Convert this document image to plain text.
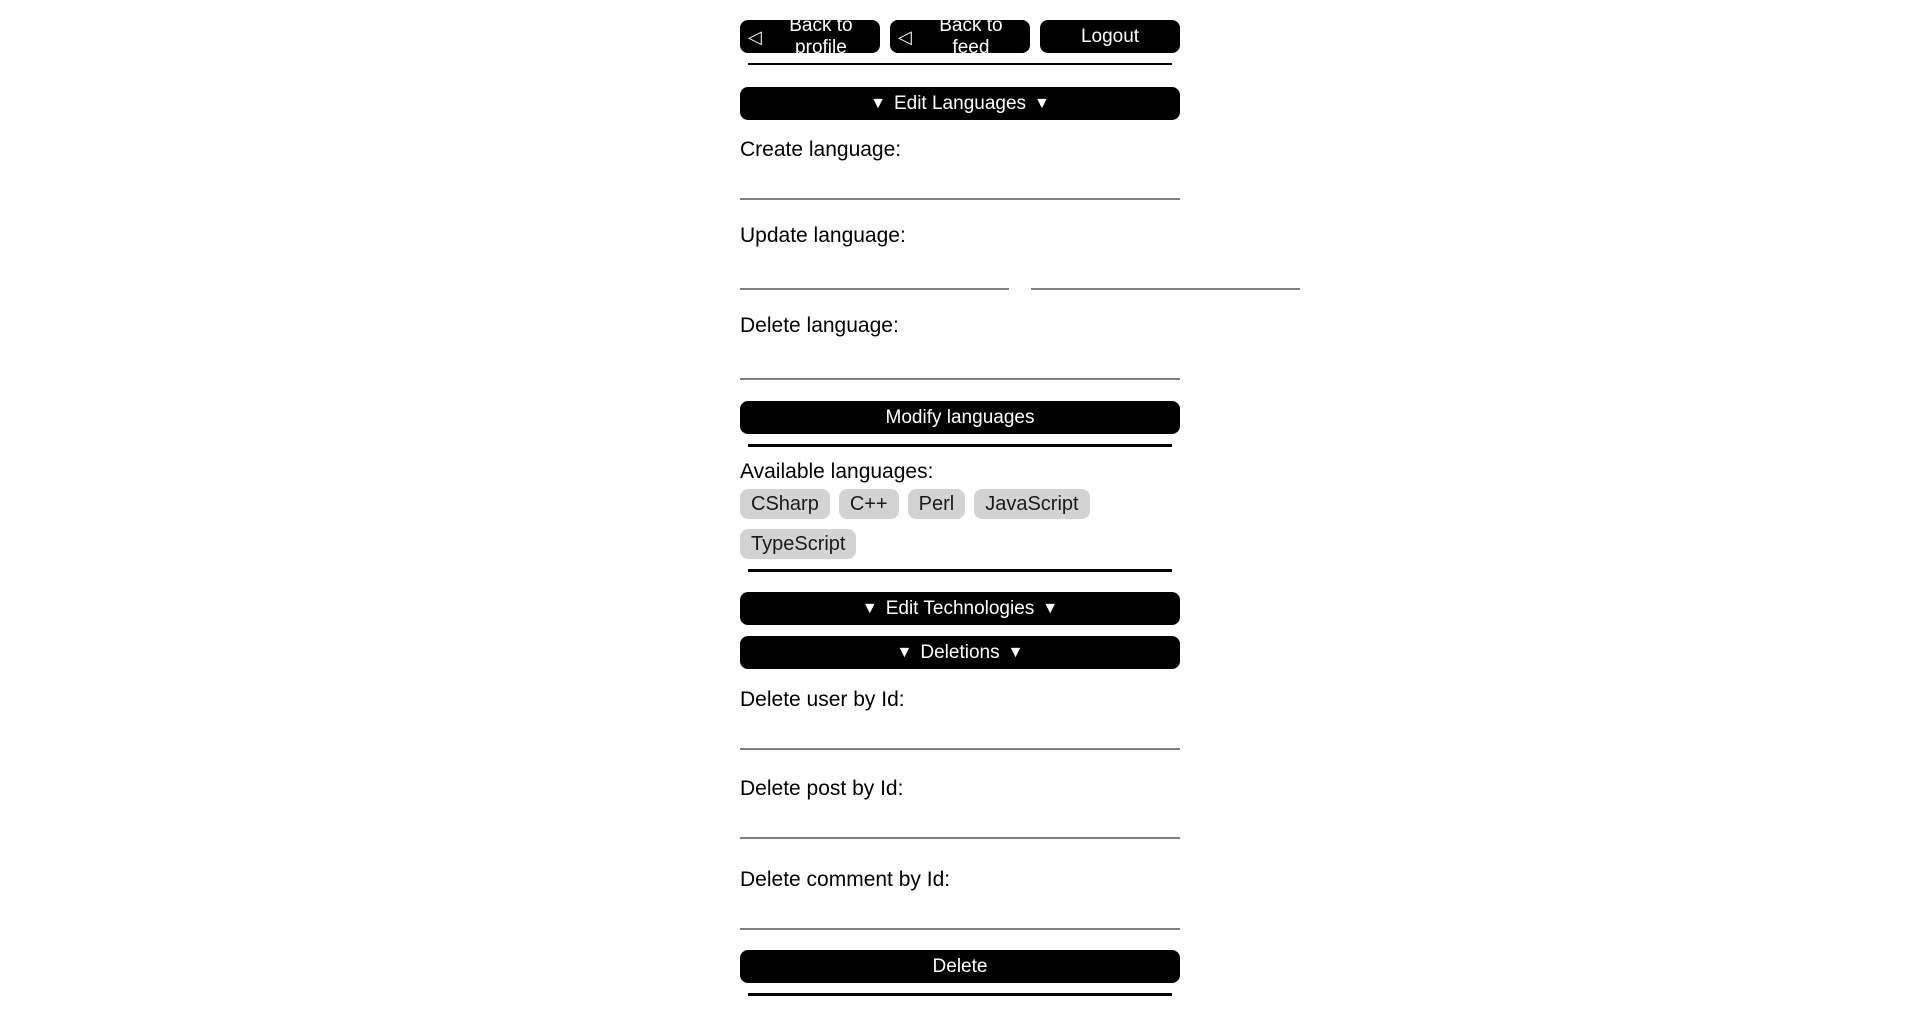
◁
Back to profile	◁
Back to feed
Logout
▼ Edit Languages ▼
Create language:
Update language:
Delete language:
Modify languages
Available languages:
CSharp	C++	Perl	JavaScript
TypeScript
▼ Edit Technologies ▼
▼ Deletions ▼
Delete user by Id:
Delete post by Id:
Delete comment by Id:
Delete
